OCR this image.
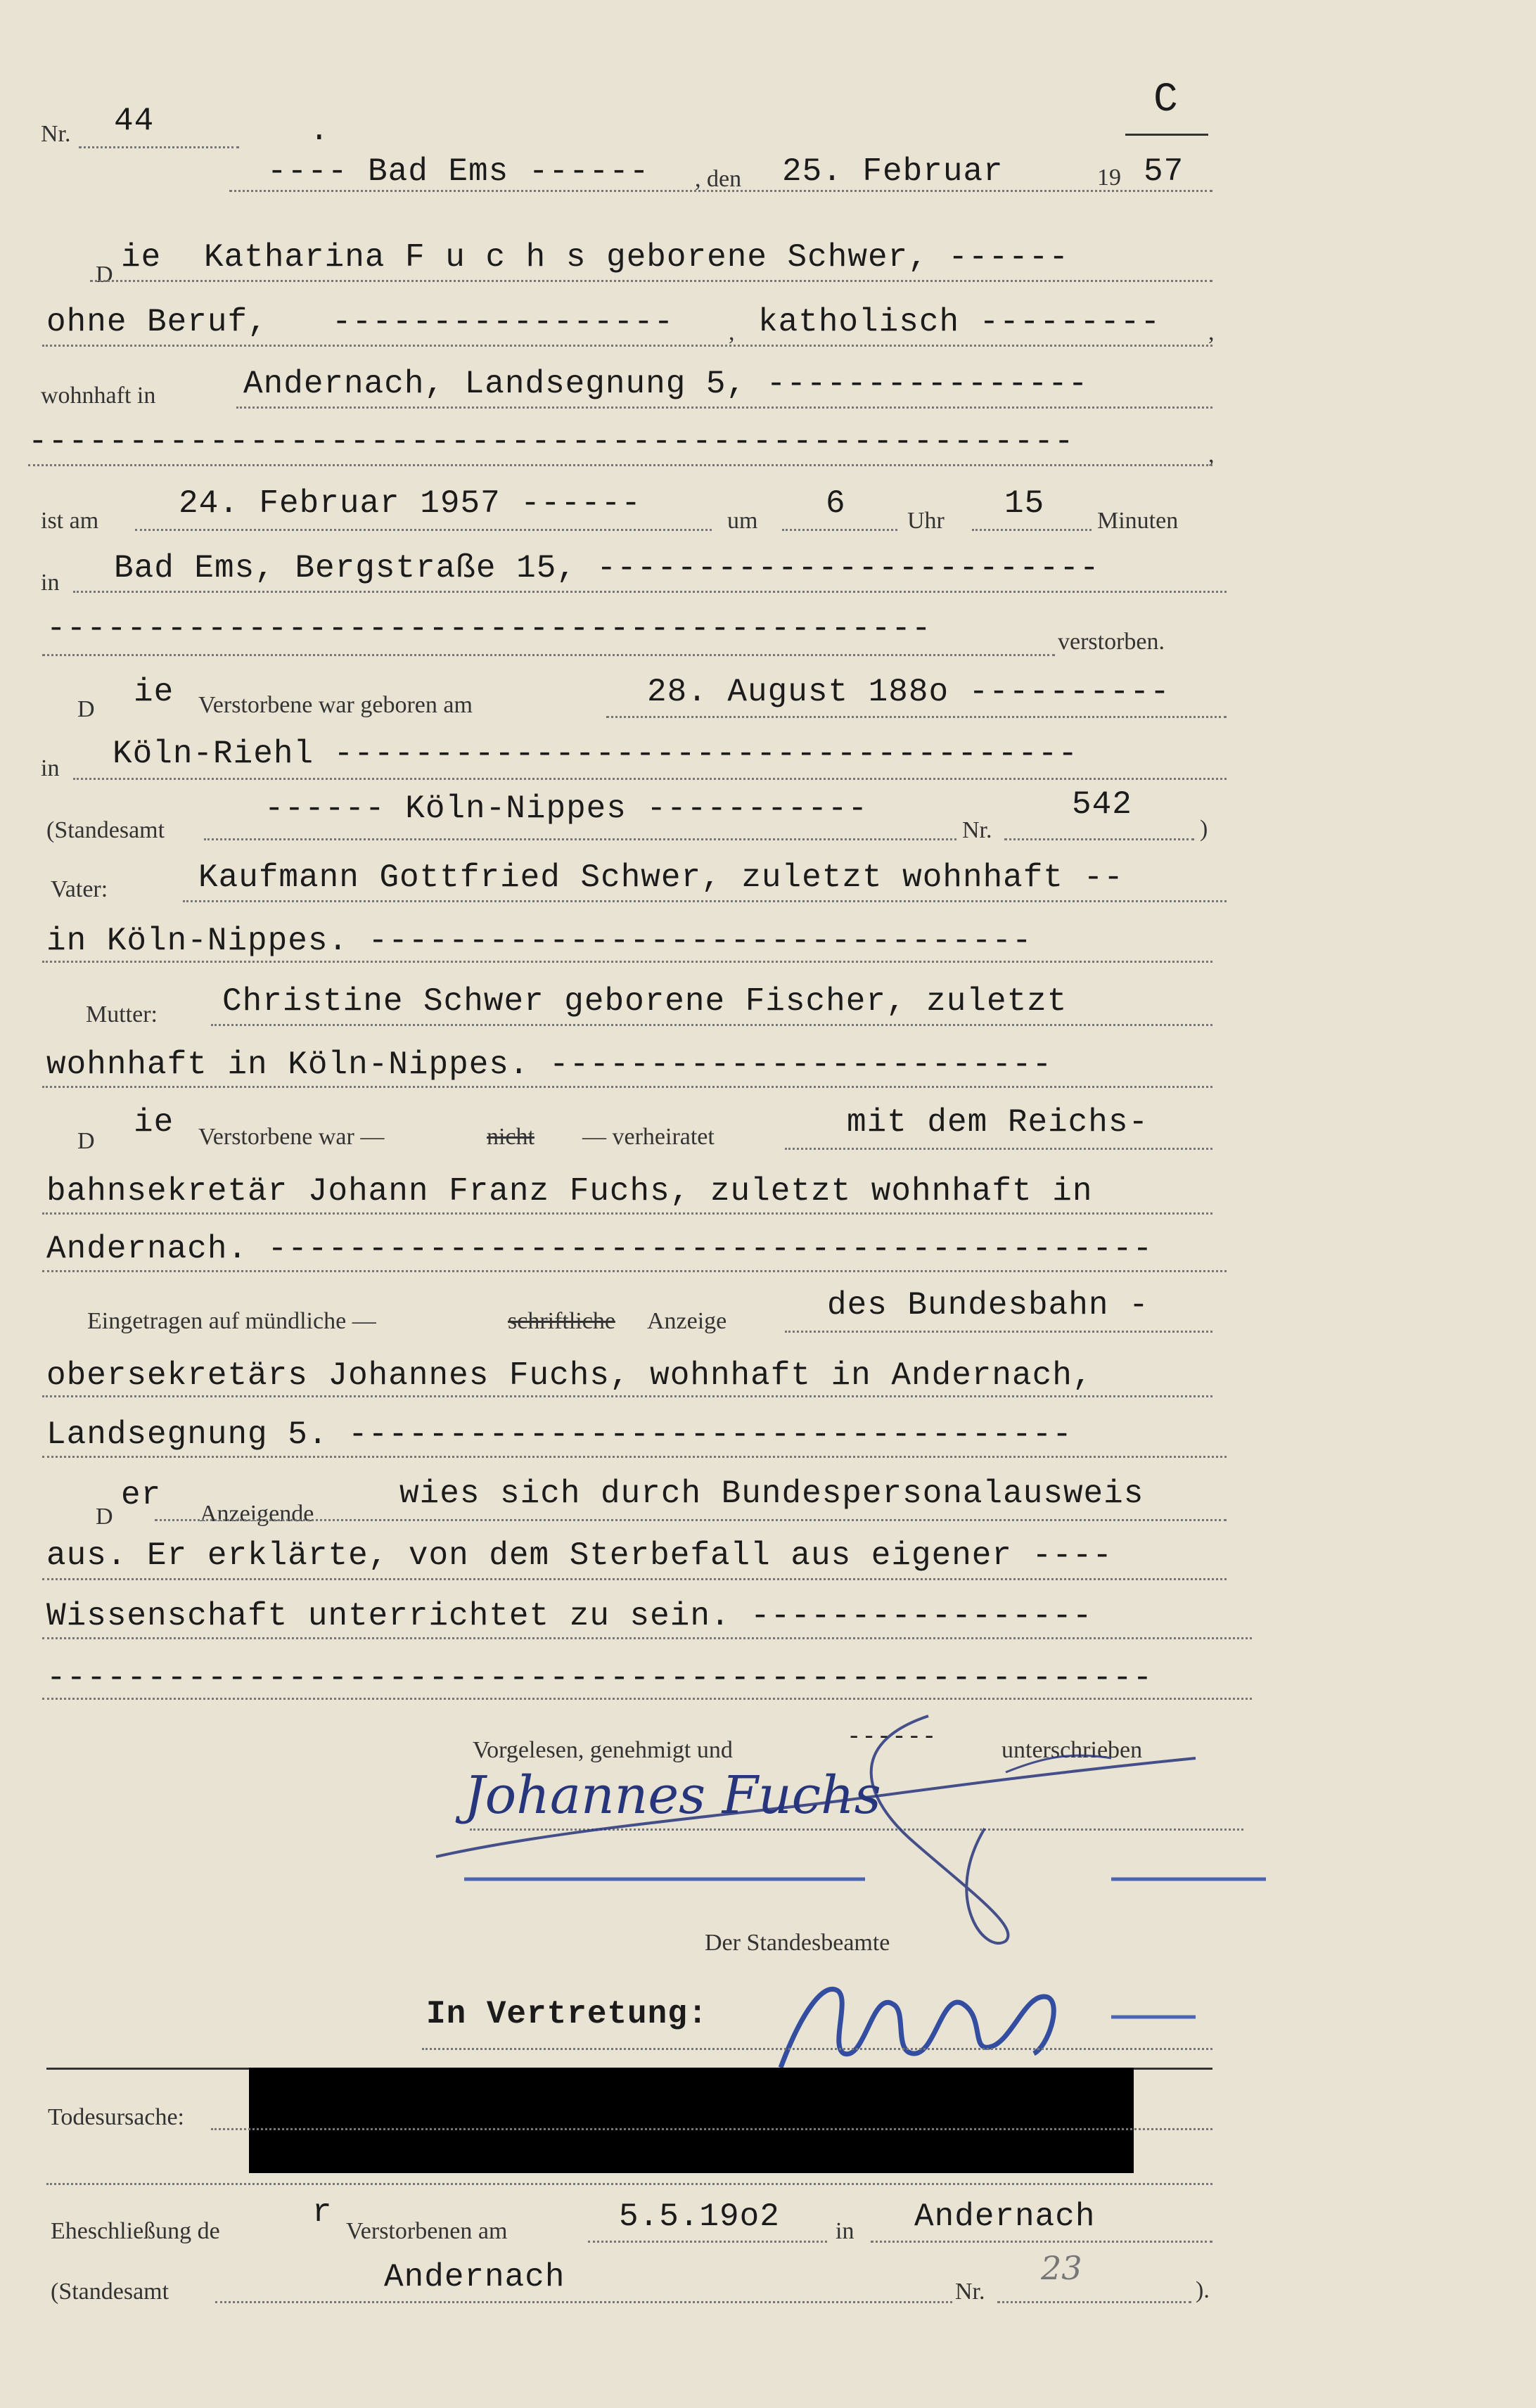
Nr. 44	.
C
---- Bad Ems ------ , den 25. Februar	19 57
D ie Katharina F u c h s geborene Schwer, ------
ohne Beruf, ----------------- , katholisch --------- ,
wohnhaft in	Andernach, Landsegnung 5, ----------------
----------------------------------------------------	,
ist am 24. Februar 1957 ------	um 6	Uhr 15 Minuten
in Bad Ems, Bergstraße 15, -------------------------
--------------------------------------------	verstorben.
D ie Verstorbene war geboren am	28. August 188o ----------
in Köln-Riehl -------------------------------------
(Standesamt
------ Köln-Nippes -----------
Nr.
542
)
Vater:	Kaufmann Gottfried Schwer, zuletzt wohnhaft --
in Köln-Nippes. ---------------------------------
Mutter: Christine Schwer geborene Fischer, zuletzt
wohnhaft in Köln-Nippes. -------------------------
D
ie Verstorbene war —	nicht — verheiratet	mit dem Reichs-
bahnsekretär Johann Franz Fuchs, zuletzt wohnhaft in
Andernach. --------------------------------------------
Eingetragen auf mündliche —	schriftliche Anzeige	des Bundesbahn -
obersekretärs Johannes Fuchs, wohnhaft in Andernach,
Landsegnung 5. ------------------------------------
D
er
Anzeigende
wies sich durch Bundespersonalausweis
aus. Er erklärte, von dem Sterbefall aus eigener ----
Wissenschaft unterrichtet zu sein. -----------------
-------------------------------------------------------
Vorgelesen, genehmigt und	------	unterschrieben
Johannes Fuchs
Der Standesbeamte
In Vertretung:
Todesursache:
Eheschließung de
r
Verstorbenen am	5.5.19o2 in Andernach
(Standesamt	Andernach	Nr.
23
).
